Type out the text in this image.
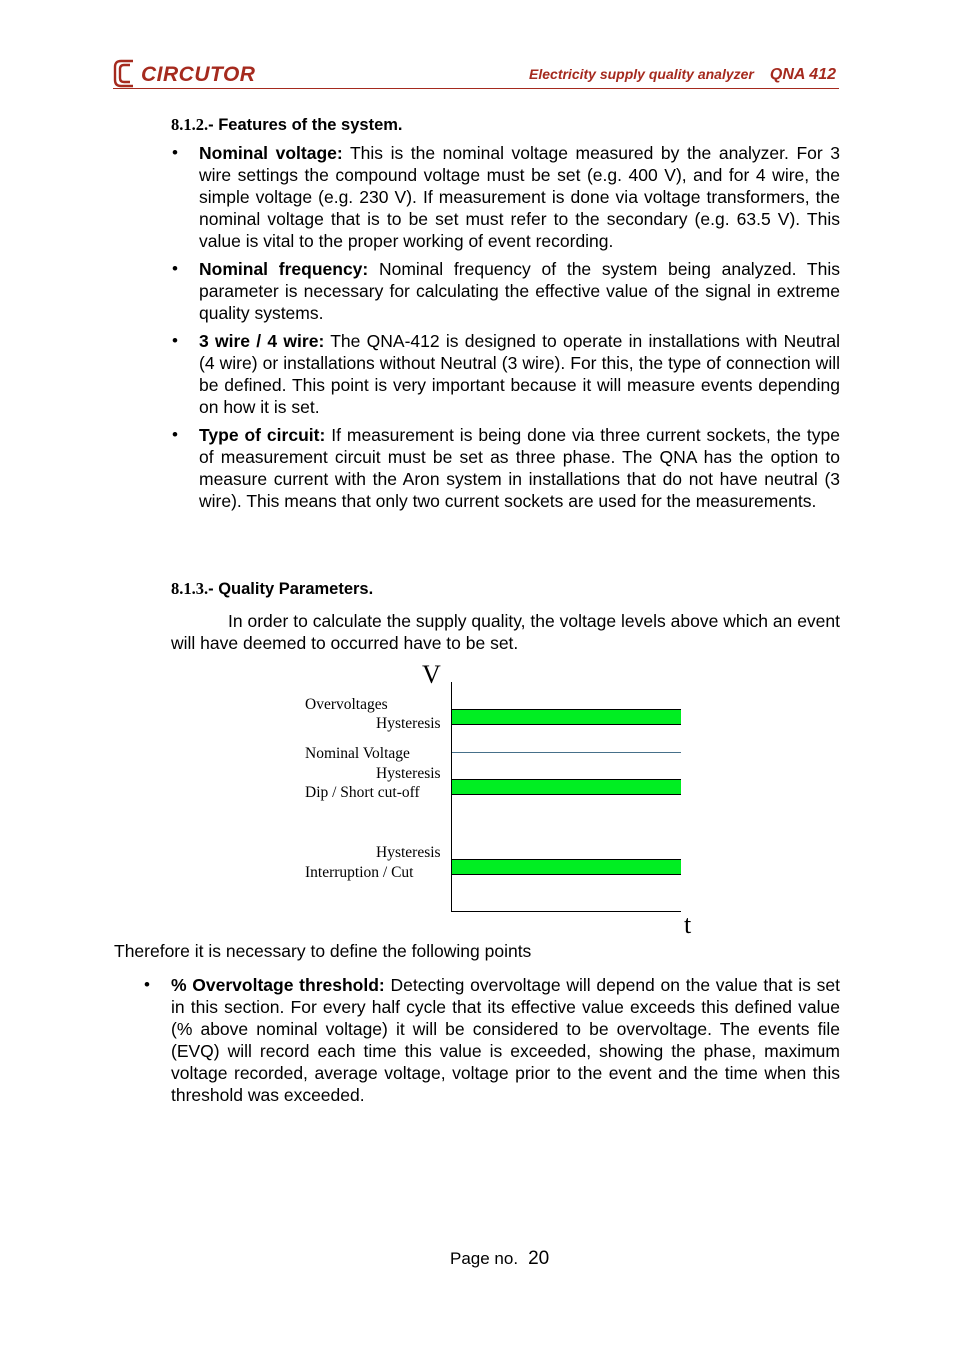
CIRCUTOR	Electricity supply quality analyzer QNA 412
8.1.2.- Features of the system.
• Nominal voltage: This is the nominal voltage measured by the analyzer. For 3 wire settings the compound voltage must be set (e.g. 400 V), and for 4 wire, the simple voltage (e.g. 230 V). If measurement is done via voltage transformers, the nominal voltage that is to be set must refer to the secondary (e.g. 63.5 V). This value is vital to the proper working of event recording.
• Nominal frequency: Nominal frequency of the system being analyzed. This parameter is necessary for calculating the effective value of the signal in extreme quality systems.
• 3 wire / 4 wire: The QNA-412 is designed to operate in installations with Neutral (4 wire) or installations without Neutral (3 wire). For this, the type of connection will be defined. This point is very important because it will measure events depending on how it is set.
• Type of circuit: If measurement is being done via three current sockets, the type of measurement circuit must be set as three phase. The QNA has the option to measure current with the Aron system in installations that do not have neutral (3 wire). This means that only two current sockets are used for the measurements.
8.1.3.- Quality Parameters.
In order to calculate the supply quality, the voltage levels above which an event will have deemed to occurred have to be set.
V
t
Overvoltages
Hysteresis
Nominal Voltage
Hysteresis
Dip / Short cut-off
Hysteresis
Interruption / Cut
Therefore it is necessary to define the following points
• % Overvoltage threshold: Detecting overvoltage will depend on the value that is set in this section. For every half cycle that its effective value exceeds this defined value (% above nominal voltage) it will be considered to be overvoltage. The events file (EVQ) will record each time this value is exceeded, showing the phase, maximum voltage recorded, average voltage, voltage prior to the event and the time when this threshold was exceeded.
Page no. 20
